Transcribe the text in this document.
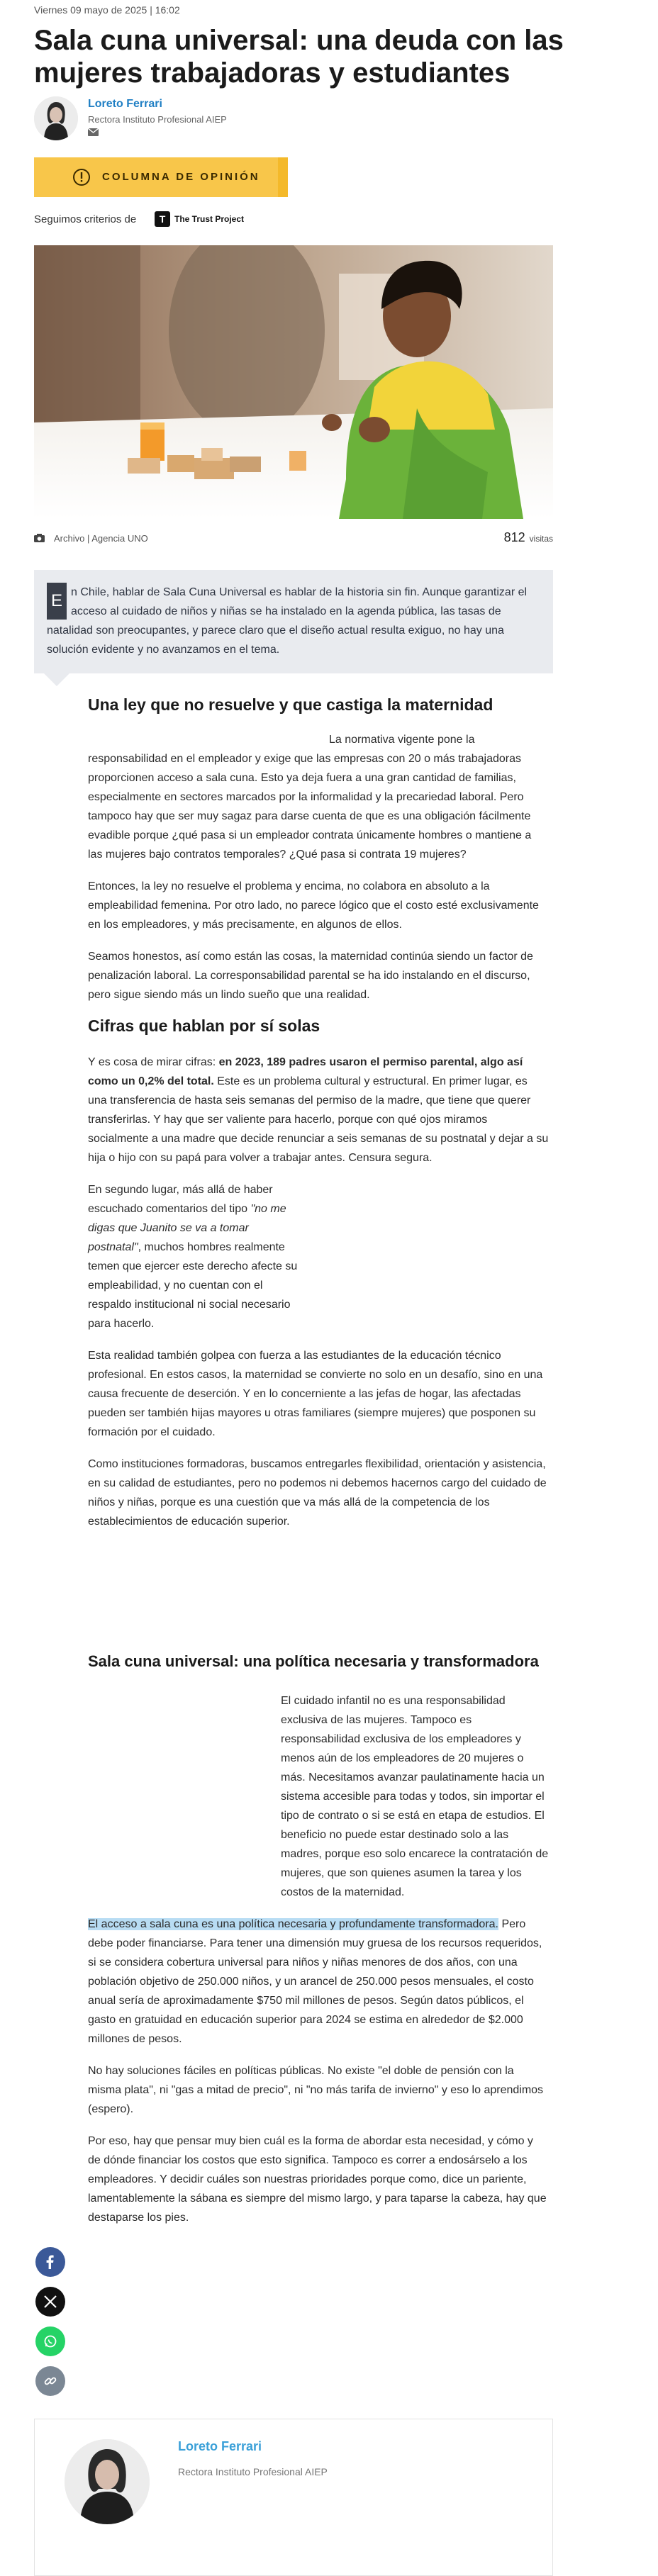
Viernes 09 mayo de 2025 | 16:02
Sala cuna universal: una deuda con las mujeres trabajadoras y estudiantes
Loreto Ferrari
Rectora Instituto Profesional AIEP
COLUMNA DE OPINIÓN
Seguimos criterios de	T	The Trust Project
Archivo | Agencia UNO	812 visitas
E n Chile, hablar de Sala Cuna Universal es hablar de la historia sin fin. Aunque garantizar el acceso al cuidado de niños y niñas se ha instalado en la agenda pública, las tasas de natalidad son preocupantes, y parece claro que el diseño actual resulta exiguo, no hay una solución evidente y no avanzamos en el tema.
Una ley que no resuelve y que castiga la maternidad

La normativa vigente pone la responsabilidad en el empleador y exige que las empresas con 20 o más trabajadoras proporcionen acceso a sala cuna. Esto ya deja fuera a una gran cantidad de familias, especialmente en sectores marcados por la informalidad y la precariedad laboral. Pero tampoco hay que ser muy sagaz para darse cuenta de que es una obligación fácilmente evadible porque ¿qué pasa si un empleador contrata únicamente hombres o mantiene a las mujeres bajo contratos temporales? ¿Qué pasa si contrata 19 mujeres?

Entonces, la ley no resuelve el problema y encima, no colabora en absoluto a la empleabilidad femenina. Por otro lado, no parece lógico que el costo esté exclusivamente en los empleadores, y más precisamente, en algunos de ellos.

Seamos honestos, así como están las cosas, la maternidad continúa siendo un factor de penalización laboral. La corresponsabilidad parental se ha ido instalando en el discurso, pero sigue siendo más un lindo sueño que una realidad.

Cifras que hablan por sí solas

Y es cosa de mirar cifras: en 2023, 189 padres usaron el permiso parental, algo así como un 0,2% del total. Este es un problema cultural y estructural. En primer lugar, es una transferencia de hasta seis semanas del permiso de la madre, que tiene que querer transferirlas. Y hay que ser valiente para hacerlo, porque con qué ojos miramos socialmente a una madre que decide renunciar a seis semanas de su postnatal y dejar a su hija o hijo con su papá para volver a trabajar antes. Censura segura.

En segundo lugar, más allá de haber escuchado comentarios del tipo "no me digas que Juanito se va a tomar postnatal", muchos hombres realmente temen que ejercer este derecho afecte su empleabilidad, y no cuentan con el respaldo institucional ni social necesario para hacerlo.

Esta realidad también golpea con fuerza a las estudiantes de la educación técnico profesional. En estos casos, la maternidad se convierte no solo en un desafío, sino en una causa frecuente de deserción. Y en lo concerniente a las jefas de hogar, las afectadas pueden ser también hijas mayores u otras familiares (siempre mujeres) que posponen su formación por el cuidado.

Como instituciones formadoras, buscamos entregarles flexibilidad, orientación y asistencia, en su calidad de estudiantes, pero no podemos ni debemos hacernos cargo del cuidado de niños y niñas, porque es una cuestión que va más allá de la competencia de los establecimientos de educación superior.

Sala cuna universal: una política necesaria y transformadora

El cuidado infantil no es una responsabilidad exclusiva de las mujeres. Tampoco es responsabilidad exclusiva de los empleadores y menos aún de los empleadores de 20 mujeres o más. Necesitamos avanzar paulatinamente hacia un sistema accesible para todas y todos, sin importar el tipo de contrato o si se está en etapa de estudios. El beneficio no puede estar destinado solo a las madres, porque eso solo encarece la contratación de mujeres, que son quienes asumen la tarea y los costos de la maternidad.

El acceso a sala cuna es una política necesaria y profundamente transformadora. Pero debe poder financiarse. Para tener una dimensión muy gruesa de los recursos requeridos, si se considera cobertura universal para niños y niñas menores de dos años, con una población objetivo de 250.000 niños, y un arancel de 250.000 pesos mensuales, el costo anual sería de aproximadamente $750 mil millones de pesos. Según datos públicos, el gasto en gratuidad en educación superior para 2024 se estima en alrededor de $2.000 millones de pesos.

No hay soluciones fáciles en políticas públicas. No existe "el doble de pensión con la misma plata", ni "gas a mitad de precio", ni "no más tarifa de invierno" y eso lo aprendimos (espero).

Por eso, hay que pensar muy bien cuál es la forma de abordar esta necesidad, y cómo y de dónde financiar los costos que esto significa. Tampoco es correr a endosárselo a los empleadores. Y decidir cuáles son nuestras prioridades porque como, dice un pariente, lamentablemente la sábana es siempre del mismo largo, y para taparse la cabeza, hay que destaparse los pies.

Loreto Ferrari
Rectora Instituto Profesional AIEP
